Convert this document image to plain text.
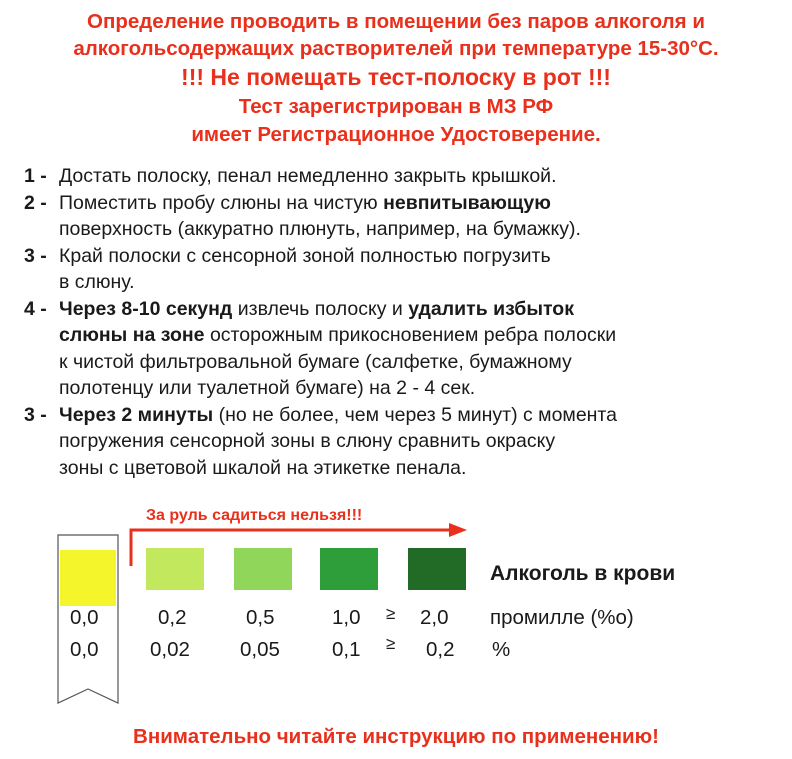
Определение проводить в помещении без паров алкоголя и
алкогольсодержащих растворителей при температуре 15-30°С.
!!! Не помещать тест-полоску в рот !!!
Тест зарегистрирован в МЗ РФ
имеет Регистрационное Удостоверение.
1 - Достать полоску, пенал немедленно закрыть крышкой.
2 - Поместить пробу слюны на чистую невпитывающую
поверхность (аккуратно плюнуть, например, на бумажку).
3 - Край полоски с сенсорной зоной полностью погрузить
в слюну.
4 - Через 8-10 секунд извлечь полоску и удалить избыток
слюны на зоне осторожным прикосновением ребра полоски
к чистой фильтровальной бумаге (салфетке, бумажному
полотенцу или туалетной бумаге) на 2 - 4 сек.
3 - Через 2 минуты (но не более, чем через 5 минут) с момента
погружения сенсорной зоны в слюну сравнить окраску
зоны с цветовой шкалой на этикетке пенала.
За руль садиться нельзя!!!
Алкоголь в крови
0,0	0,2	0,5	1,0 ≥ 2,0 промилле (%o)
0,0	0,02 0,05	0,1 ≥ 0,2 %
Внимательно читайте инструкцию по применению!
